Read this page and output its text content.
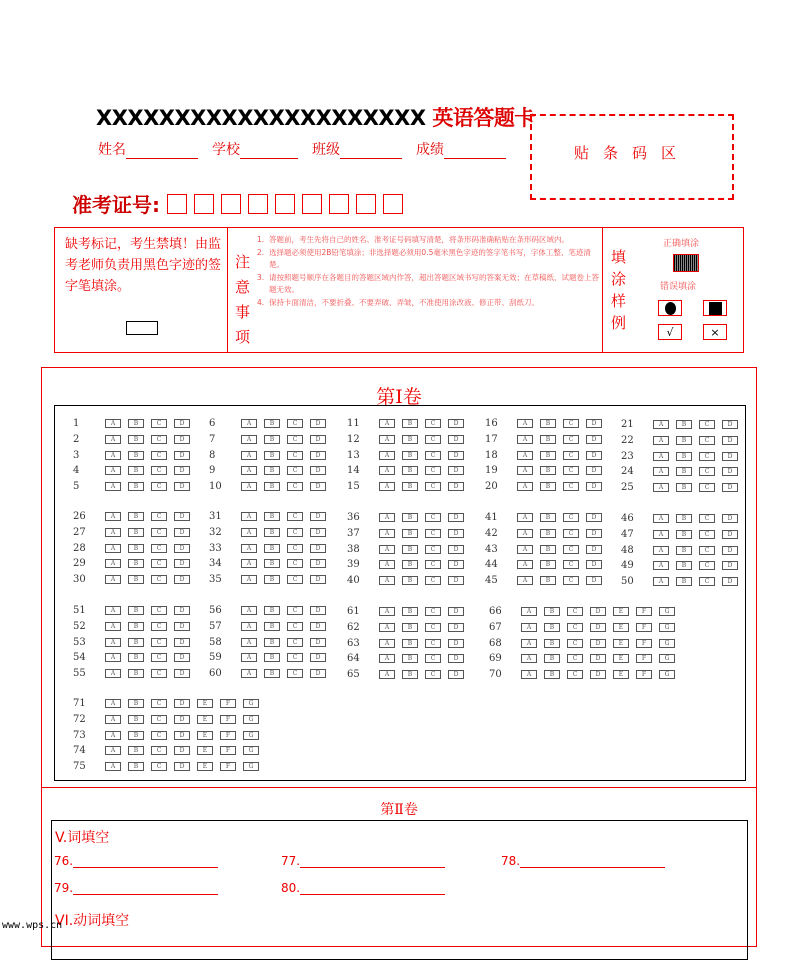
XXXXXXXXXXXXXXXXXXXXX 英语答题卡
姓名	学校	班级	成绩	贴条码区
准考证号:
缺考标记，考生禁填！由监考老师负责用黑色字迹的签字笔填涂。
注意事项
1. 答题前，考生先将自己的姓名、准考证号码填写清楚，将条形码准确粘贴在条形码区域内。
2. 选择题必须使用2B铅笔填涂；非选择题必须用0.5毫米黑色字迹的签字笔书写，字体工整、笔迹清楚。
3. 请按照题号顺序在各题目的答题区域内作答，超出答题区域书写的答案无效；在草稿纸、试题卷上答题无效。
4. 保持卡面清洁，不要折叠、不要弄破、弄皱，不准使用涂改液、修正带、刮纸刀。
填涂样例
正确填涂
错误填涂
√	×
第Ⅰ卷
1	A	B	C	D
2	A	B	C	D
3	A	B	C	D
4	A	B	C	D
5	A	B	C	D
6	A	B	C	D
7	A	B	C	D
8	A	B	C	D
9	A	B	C	D
10	A	B	C	D
11	A	B	C	D
12	A	B	C	D
13	A	B	C	D
14	A	B	C	D
15	A	B	C	D
16	A	B	C	D
17	A	B	C	D
18	A	B	C	D
19	A	B	C	D
20	A	B	C	D
21	A	B	C	D
22	A	B	C	D
23	A	B	C	D
24	A	B	C	D
25	A	B	C	D
26	A	B	C	D
27	A	B	C	D
28	A	B	C	D
29	A	B	C	D
30	A	B	C	D
31	A	B	C	D
32	A	B	C	D
33	A	B	C	D
34	A	B	C	D
35	A	B	C	D
36	A	B	C	D
37	A	B	C	D
38	A	B	C	D
39	A	B	C	D
40	A	B	C	D
41	A	B	C	D
42	A	B	C	D
43	A	B	C	D
44	A	B	C	D
45	A	B	C	D
46	A	B	C	D
47	A	B	C	D
48	A	B	C	D
49	A	B	C	D
50	A	B	C	D
51	A	B	C	D
52	A	B	C	D
53	A	B	C	D
54	A	B	C	D
55	A	B	C	D
56	A	B	C	D
57	A	B	C	D
58	A	B	C	D
59	A	B	C	D
60	A	B	C	D
61	A	B	C	D
62	A	B	C	D
63	A	B	C	D
64	A	B	C	D
65	A	B	C	D
66	A	B	C	D	E	F	G
67	A	B	C	D	E	F	G
68	A	B	C	D	E	F	G
69	A	B	C	D	E	F	G
70	A	B	C	D	E	F	G
71	A	B	C	D	E	F	G
72	A	B	C	D	E	F	G
73	A	B	C	D	E	F	G
74	A	B	C	D	E	F	G
75	A	B	C	D	E	F	G
第Ⅱ卷
V.词填空
VI.动词填空
76.	77.	78.
79.	80.
www.wps.cn
